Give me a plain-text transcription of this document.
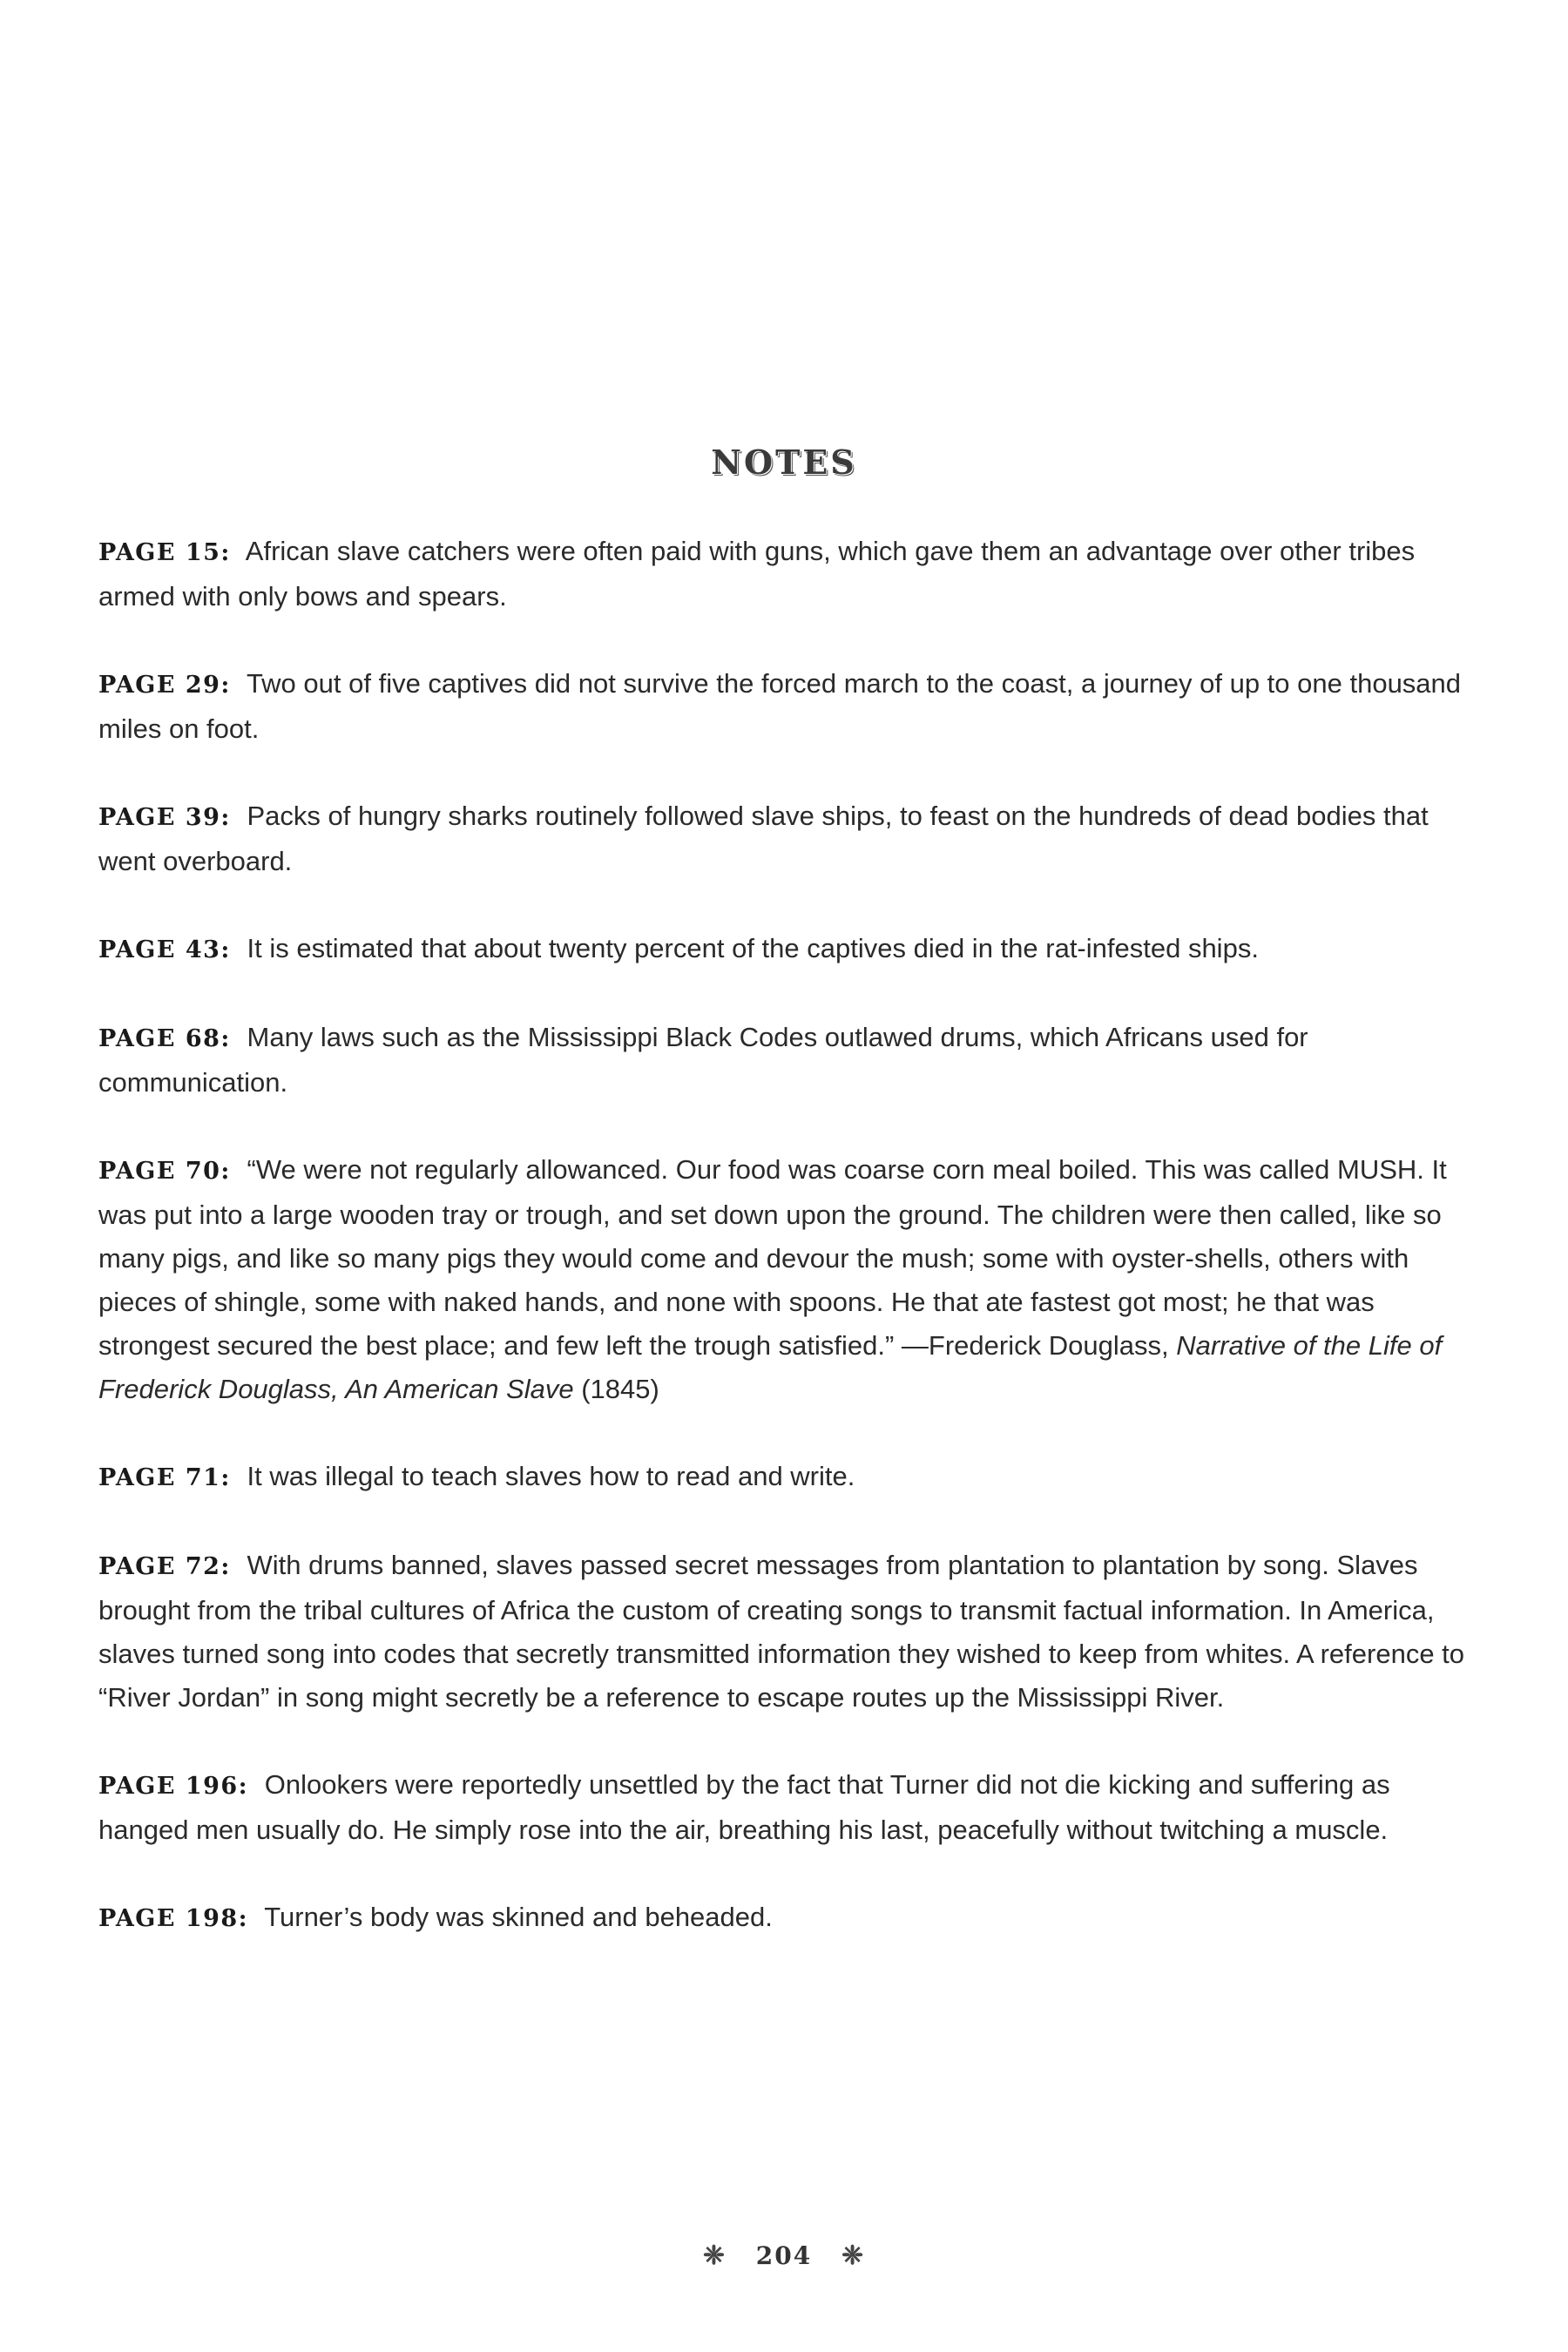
NOTES

PAGE 15: African slave catchers were often paid with guns, which gave them an advantage over other tribes armed with only bows and spears.

PAGE 29: Two out of five captives did not survive the forced march to the coast, a journey of up to one thousand miles on foot.

PAGE 39: Packs of hungry sharks routinely followed slave ships, to feast on the hundreds of dead bodies that went overboard.

PAGE 43: It is estimated that about twenty percent of the captives died in the rat-infested ships.

PAGE 68: Many laws such as the Mississippi Black Codes outlawed drums, which Africans used for communication.

PAGE 70: “We were not regularly allowanced. Our food was coarse corn meal boiled. This was called MUSH. It was put into a large wooden tray or trough, and set down upon the ground. The children were then called, like so many pigs, and like so many pigs they would come and devour the mush; some with oyster-shells, others with pieces of shingle, some with naked hands, and none with spoons. He that ate fastest got most; he that was strongest secured the best place; and few left the trough satisfied.” —Frederick Douglass, Narrative of the Life of Frederick Douglass, An American Slave (1845)

PAGE 71: It was illegal to teach slaves how to read and write.

PAGE 72: With drums banned, slaves passed secret messages from plantation to plantation by song. Slaves brought from the tribal cultures of Africa the custom of creating songs to transmit factual information. In America, slaves turned song into codes that secretly transmitted information they wished to keep from whites. A reference to “River Jordan” in song might secretly be a reference to escape routes up the Mississippi River.

PAGE 196: Onlookers were reportedly unsettled by the fact that Turner did not die kicking and suffering as hanged men usually do. He simply rose into the air, breathing his last, peacefully without twitching a muscle.

PAGE 198: Turner’s body was skinned and beheaded.

❈ 204 ❈
